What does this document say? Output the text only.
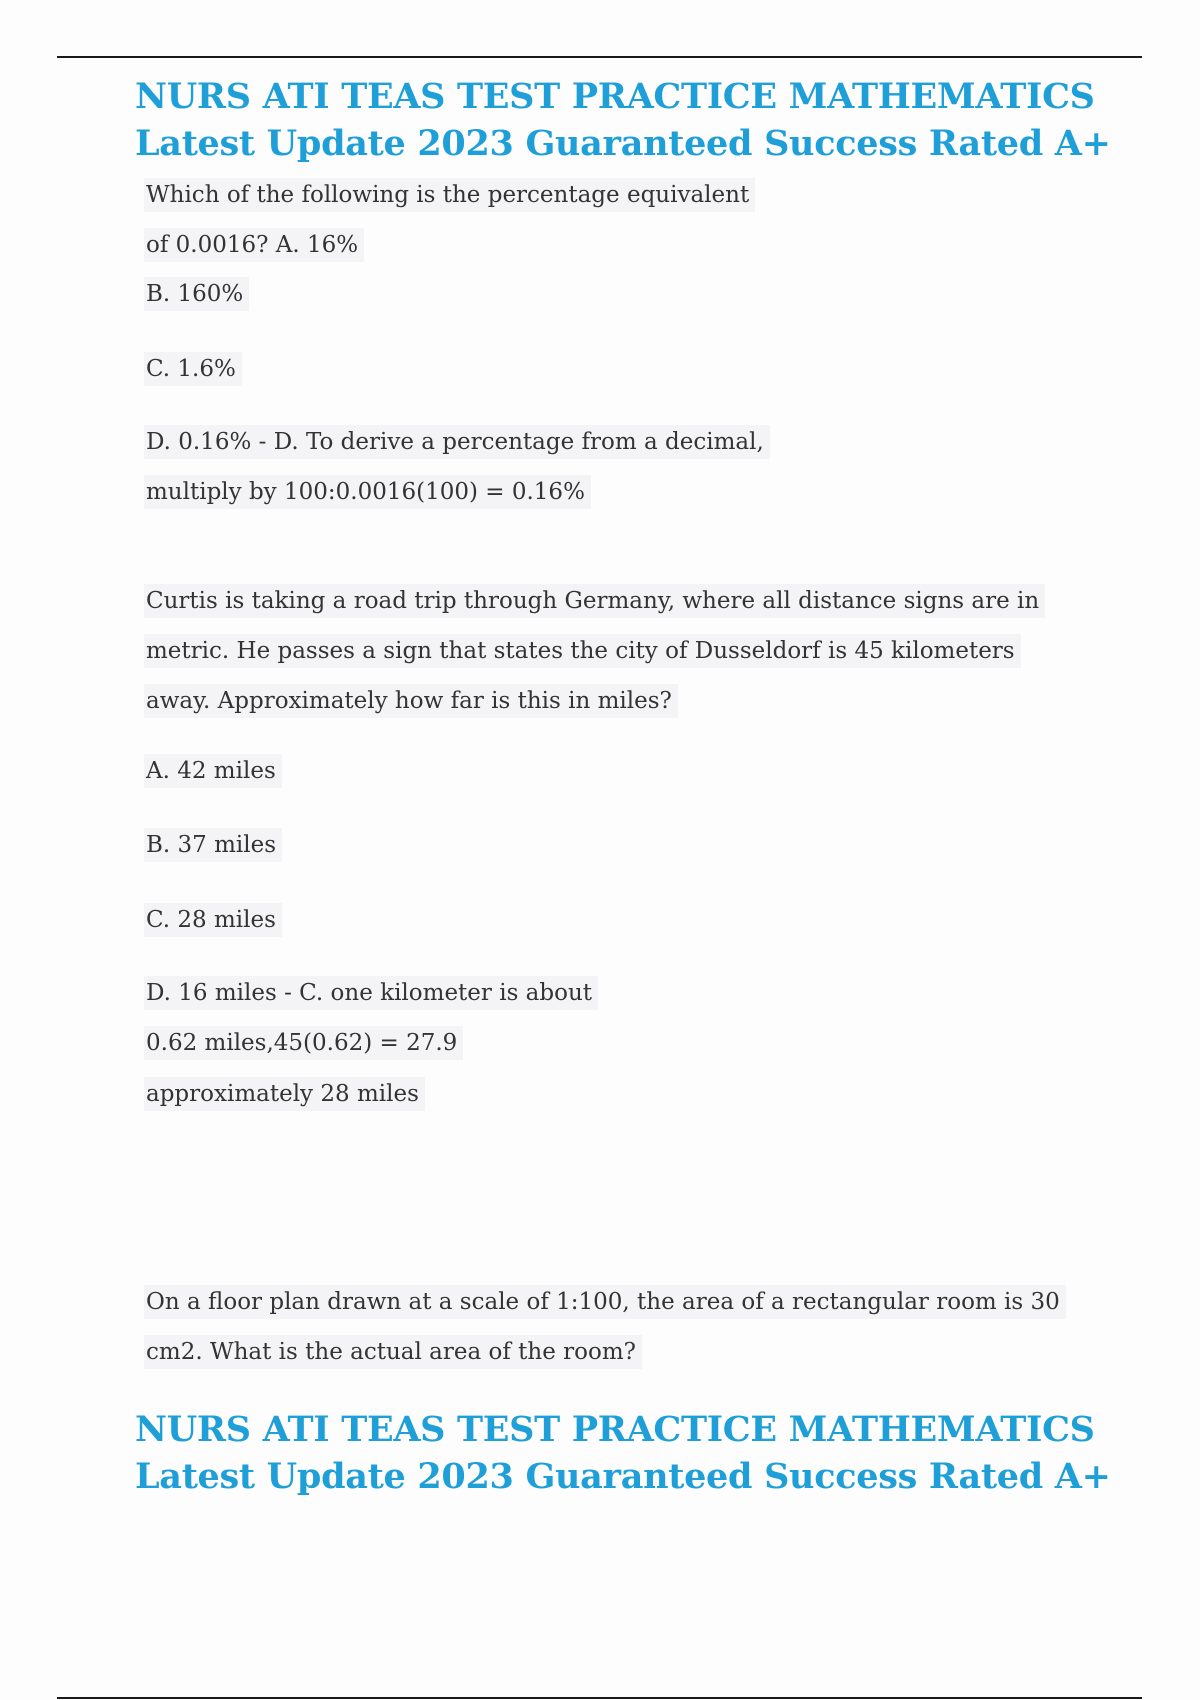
NURS ATI TEAS TEST PRACTICE MATHEMATICS
Latest Update 2023 Guaranteed Success Rated A+

Which of the following is the percentage equivalent

of 0.0016? A. 16%

B. 160%

C. 1.6%

D. 0.16% - D. To derive a percentage from a decimal,

multiply by 100:0.0016(100) = 0.16%

Curtis is taking a road trip through Germany, where all distance signs are in

metric. He passes a sign that states the city of Dusseldorf is 45 kilometers

away. Approximately how far is this in miles?

A. 42 miles

B. 37 miles

C. 28 miles

D. 16 miles - C. one kilometer is about

0.62 miles,45(0.62) = 27.9

approximately 28 miles

On a floor plan drawn at a scale of 1:100, the area of a rectangular room is 30

cm2. What is the actual area of the room?

NURS ATI TEAS TEST PRACTICE MATHEMATICS
Latest Update 2023 Guaranteed Success Rated A+
